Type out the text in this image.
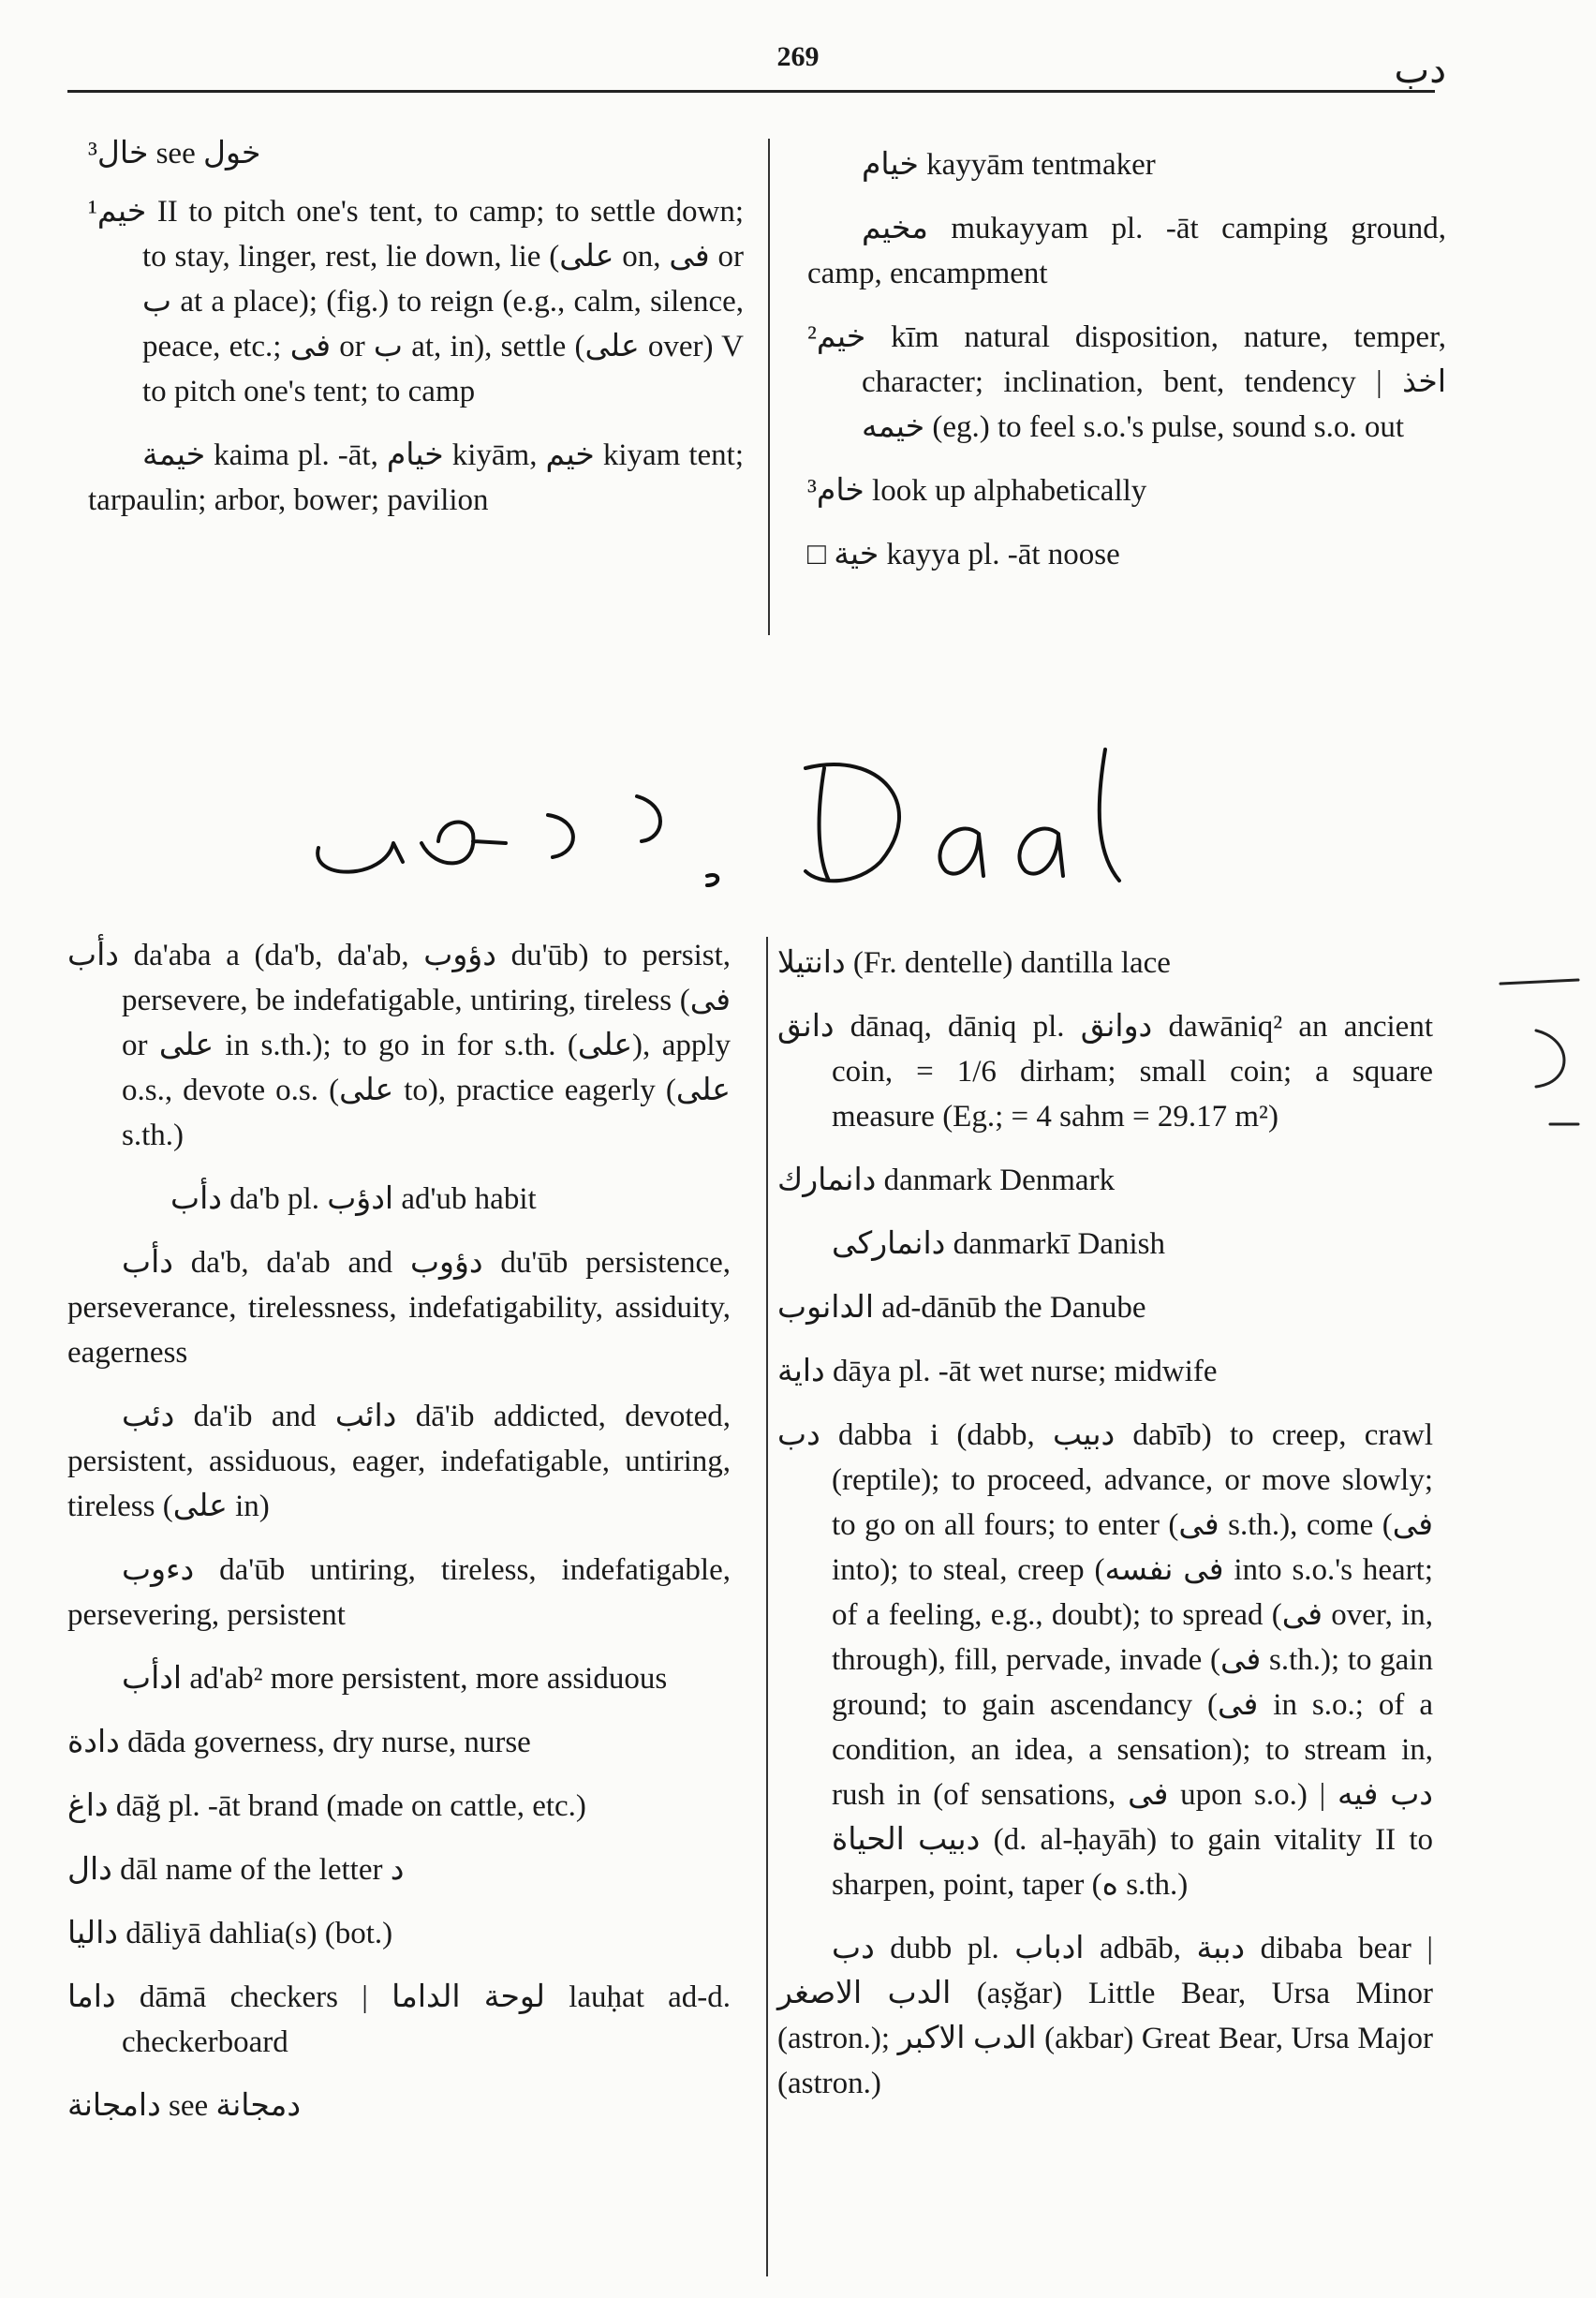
269	دب

³خال see خول

¹خيم II to pitch one's tent, to camp; to settle down; to stay, linger, rest, lie down, lie (على on, فى or ب at a place); (fig.) to reign (e.g., calm, silence, peace, etc.; فى or ب at, in), settle (على over) V to pitch one's tent; to camp

خيمة kaima pl. -āt, خيام kiyām, خيم kiyam tent; tarpaulin; arbor, bower; pavilion

خيام kayyām tentmaker

مخيم mukayyam pl. -āt camping ground, camp, encampment

²خيم kīm natural disposition, nature, temper, character; inclination, bent, tendency | اخذ خيمه (eg.) to feel s.o.'s pulse, sound s.o. out

³خام look up alphabetically

□ خية kayya pl. -āt noose

دأب da'aba a (da'b, da'ab, دؤوب du'ūb) to persist, persevere, be indefatigable, untiring, tireless (فى or على in s.th.); to go in for s.th. (على), apply o.s., devote o.s. (على to), practice eagerly (على s.th.)

دأب da'b pl. ادؤب ad'ub habit

دأب da'b, da'ab and دؤوب du'ūb persistence, perseverance, tirelessness, indefatigability, assiduity, eagerness

دئب da'ib and دائب dā'ib addicted, devoted, persistent, assiduous, eager, indefatigable, untiring, tireless (على in)

دءوب da'ūb untiring, tireless, indefatigable, persevering, persistent

ادأب ad'ab² more persistent, more assiduous

دادة dāda governess, dry nurse, nurse

داغ dāğ pl. -āt brand (made on cattle, etc.)

دال dāl name of the letter د

داليا dāliyā dahlia(s) (bot.)

داما dāmā checkers | لوحة الداما lauḥat ad-d. checkerboard

دامجانة see دمجانة

دانتيلا (Fr. dentelle) dantilla lace

دانق dānaq, dāniq pl. دوانق dawāniq² an ancient coin, = 1/6 dirham; small coin; a square measure (Eg.; = 4 sahm = 29.17 m²)

دانمارك danmark Denmark

دانماركى danmarkī Danish

الدانوب ad-dānūb the Danube

داية dāya pl. -āt wet nurse; midwife

دب dabba i (dabb, دبيب dabīb) to creep, crawl (reptile); to proceed, advance, or move slowly; to go on all fours; to enter (فى s.th.), come (فى into); to steal, creep (فى نفسه into s.o.'s heart; of a feeling, e.g., doubt); to spread (فى over, in, through), fill, pervade, invade (فى s.th.); to gain ground; to gain ascendancy (فى in s.o.; of a condition, an idea, a sensation); to stream in, rush in (of sensations, فى upon s.o.) | دب فيه دبيب الحياة (d. al-ḥayāh) to gain vitality II to sharpen, point, taper (ه s.th.)

دب dubb pl. ادباب adbāb, دببة dibaba bear | الدب الاصغر (aṣğar) Little Bear, Ursa Minor (astron.); الدب الاكبر (akbar) Great Bear, Ursa Major (astron.)
